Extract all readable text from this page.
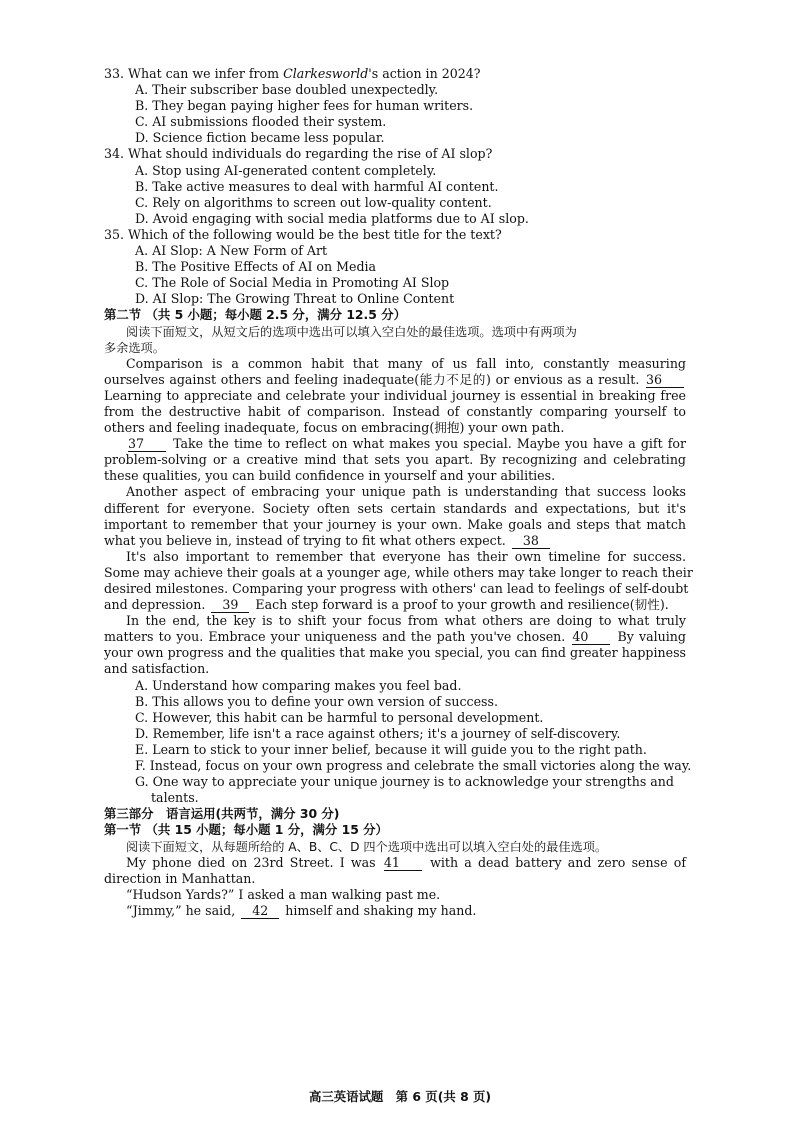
33. What can we infer from Clarkesworld's action in 2024?
A. Their subscriber base doubled unexpectedly.
B. They began paying higher fees for human writers.
C. AI submissions flooded their system.
D. Science fiction became less popular.
34. What should individuals do regarding the rise of AI slop?
A. Stop using AI-generated content completely.
B. Take active measures to deal with harmful AI content.
C. Rely on algorithms to screen out low-quality content.
D. Avoid engaging with social media platforms due to AI slop.
35. Which of the following would be the best title for the text?
A. AI Slop: A New Form of Art
B. The Positive Effects of AI on Media
C. The Role of Social Media in Promoting AI Slop
D. AI Slop: The Growing Threat to Online Content
第二节 （共 5 小题；每小题 2.5 分，满分 12.5 分）
阅读下面短文，从短文后的选项中选出可以填入空白处的最佳选项。选项中有两项为
多余选项。
Comparison is a common habit that many of us fall into, constantly measuring
ourselves against others and feeling inadequate(能力不足的) or envious as a result. 36
Learning to appreciate and celebrate your individual journey is essential in breaking free
from the destructive habit of comparison. Instead of constantly comparing yourself to
others and feeling inadequate, focus on embracing(拥抱) your own path.
37 Take the time to reflect on what makes you special. Maybe you have a gift for
problem-solving or a creative mind that sets you apart. By recognizing and celebrating
these qualities, you can build confidence in yourself and your abilities.
Another aspect of embracing your unique path is understanding that success looks
different for everyone. Society often sets certain standards and expectations, but it's
important to remember that your journey is your own. Make goals and steps that match
what you believe in, instead of trying to fit what others expect. 38
It's also important to remember that everyone has their own timeline for success.
Some may achieve their goals at a younger age, while others may take longer to reach their
desired milestones. Comparing your progress with others' can lead to feelings of self-doubt
and depression. 39 Each step forward is a proof to your growth and resilience(韧性).
In the end, the key is to shift your focus from what others are doing to what truly
matters to you. Embrace your uniqueness and the path you've chosen. 40 By valuing
your own progress and the qualities that make you special, you can find greater happiness
and satisfaction.
A. Understand how comparing makes you feel bad.
B. This allows you to define your own version of success.
C. However, this habit can be harmful to personal development.
D. Remember, life isn't a race against others; it's a journey of self-discovery.
E. Learn to stick to your inner belief, because it will guide you to the right path.
F. Instead, focus on your own progress and celebrate the small victories along the way.
G. One way to appreciate your unique journey is to acknowledge your strengths and
talents.
第三部分　语言运用(共两节，满分 30 分)
第一节 （共 15 小题；每小题 1 分，满分 15 分）
阅读下面短文，从每题所给的 A、B、C、D 四个选项中选出可以填入空白处的最佳选项。
My phone died on 23rd Street. I was 41 with a dead battery and zero sense of
direction in Manhattan.
“Hudson Yards?” I asked a man walking past me.
“Jimmy,” he said, 42 himself and shaking my hand.
高三英语试题　第 6 页(共 8 页)
